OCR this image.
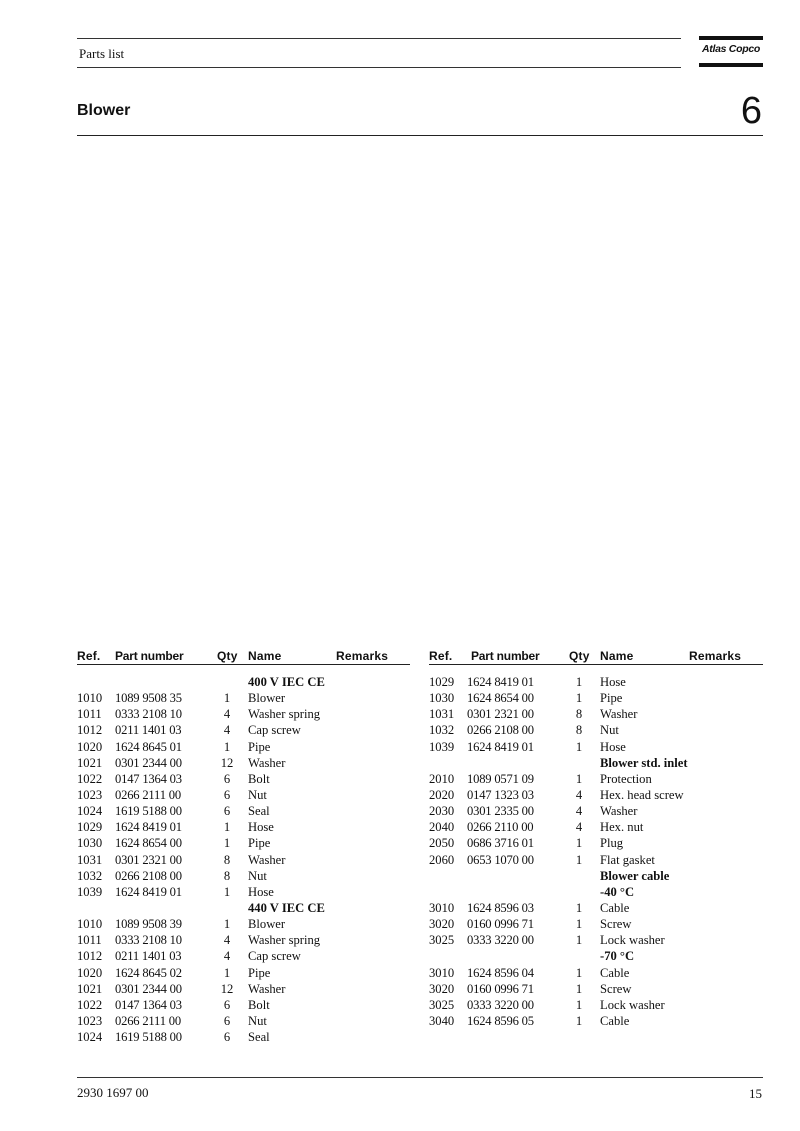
Parts list	Atlas Copco
Blower	6
Ref. Part number	Qty Name	Remarks
400 V IEC CE
1010 1089 9508 35	1	Blower
1011 0333 2108 10	4	Washer spring
1012 0211 1401 03	4	Cap screw
1020 1624 8645 01	1	Pipe
1021 0301 2344 00	12 Washer
1022 0147 1364 03	6	Bolt
1023 0266 2111 00	6	Nut
1024 1619 5188 00	6	Seal
1029 1624 8419 01	1	Hose
1030 1624 8654 00	1	Pipe
1031 0301 2321 00	8	Washer
1032 0266 2108 00	8	Nut
1039 1624 8419 01	1	Hose
440 V IEC CE
1010 1089 9508 39	1	Blower
1011 0333 2108 10	4	Washer spring
1012 0211 1401 03	4	Cap screw
1020 1624 8645 02	1	Pipe
1021 0301 2344 00	12 Washer
1022 0147 1364 03	6	Bolt
1023 0266 2111 00	6	Nut
1024 1619 5188 00	6	Seal
Ref. Part number Qty Name	Remarks
1029 1624 8419 01	1	Hose
1030 1624 8654 00	1	Pipe
1031 0301 2321 00	8	Washer
1032 0266 2108 00	8	Nut
1039 1624 8419 01	1	Hose
Blower std. inlet
2010 1089 0571 09	1	Protection
2020 0147 1323 03	4	Hex. head screw
2030 0301 2335 00	4	Washer
2040 0266 2110 00	4	Hex. nut
2050 0686 3716 01	1	Plug
2060 0653 1070 00	1	Flat gasket
Blower cable
-40 °C
3010 1624 8596 03	1	Cable
3020 0160 0996 71	1	Screw
3025 0333 3220 00	1	Lock washer
-70 °C
3010 1624 8596 04	1	Cable
3020 0160 0996 71	1	Screw
3025 0333 3220 00	1	Lock washer
3040 1624 8596 05	1	Cable
2930 1697 00	15
